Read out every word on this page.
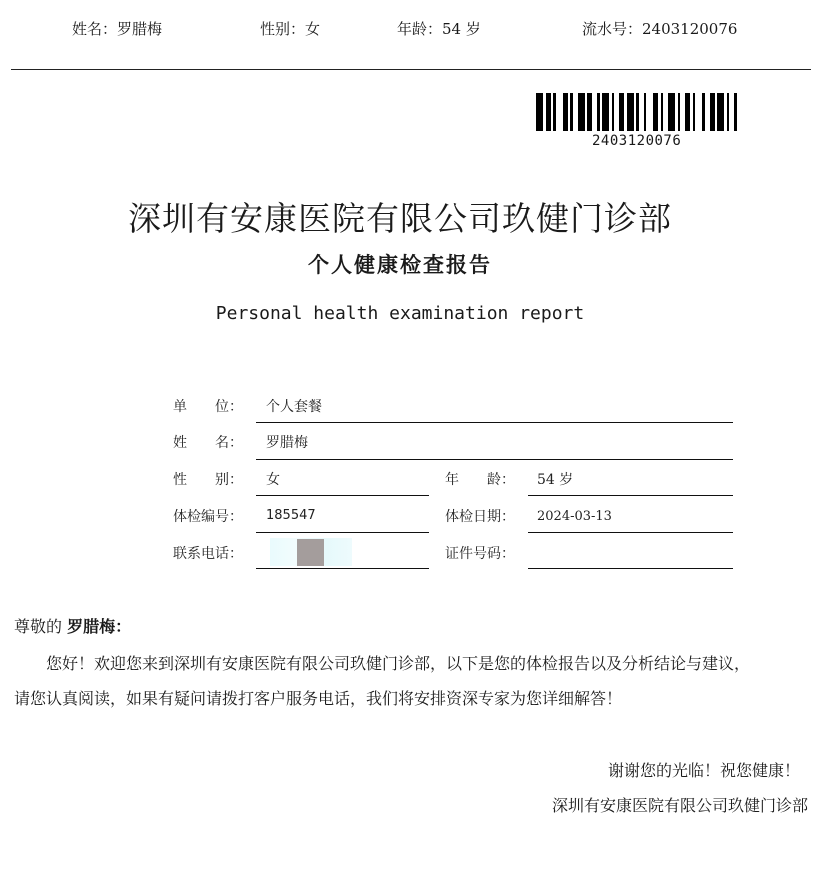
姓名：罗腊梅	性别：女	年龄：54 岁	流水号：2403120076
2403120076
深圳有安康医院有限公司玖健门诊部
个人健康检查报告
Personal health examination report
单　　位： 个人套餐
姓　　名： 罗腊梅
性　　别： 女	年　　龄： 54 岁
体检编号： 185547	体检日期： 2024-03-13
联系电话：	证件号码：
尊敬的 罗腊梅：
您好！欢迎您来到深圳有安康医院有限公司玖健门诊部，以下是您的体检报告以及分析结论与建议，
请您认真阅读，如果有疑问请拨打客户服务电话，我们将安排资深专家为您详细解答！
谢谢您的光临！祝您健康！
深圳有安康医院有限公司玖健门诊部
